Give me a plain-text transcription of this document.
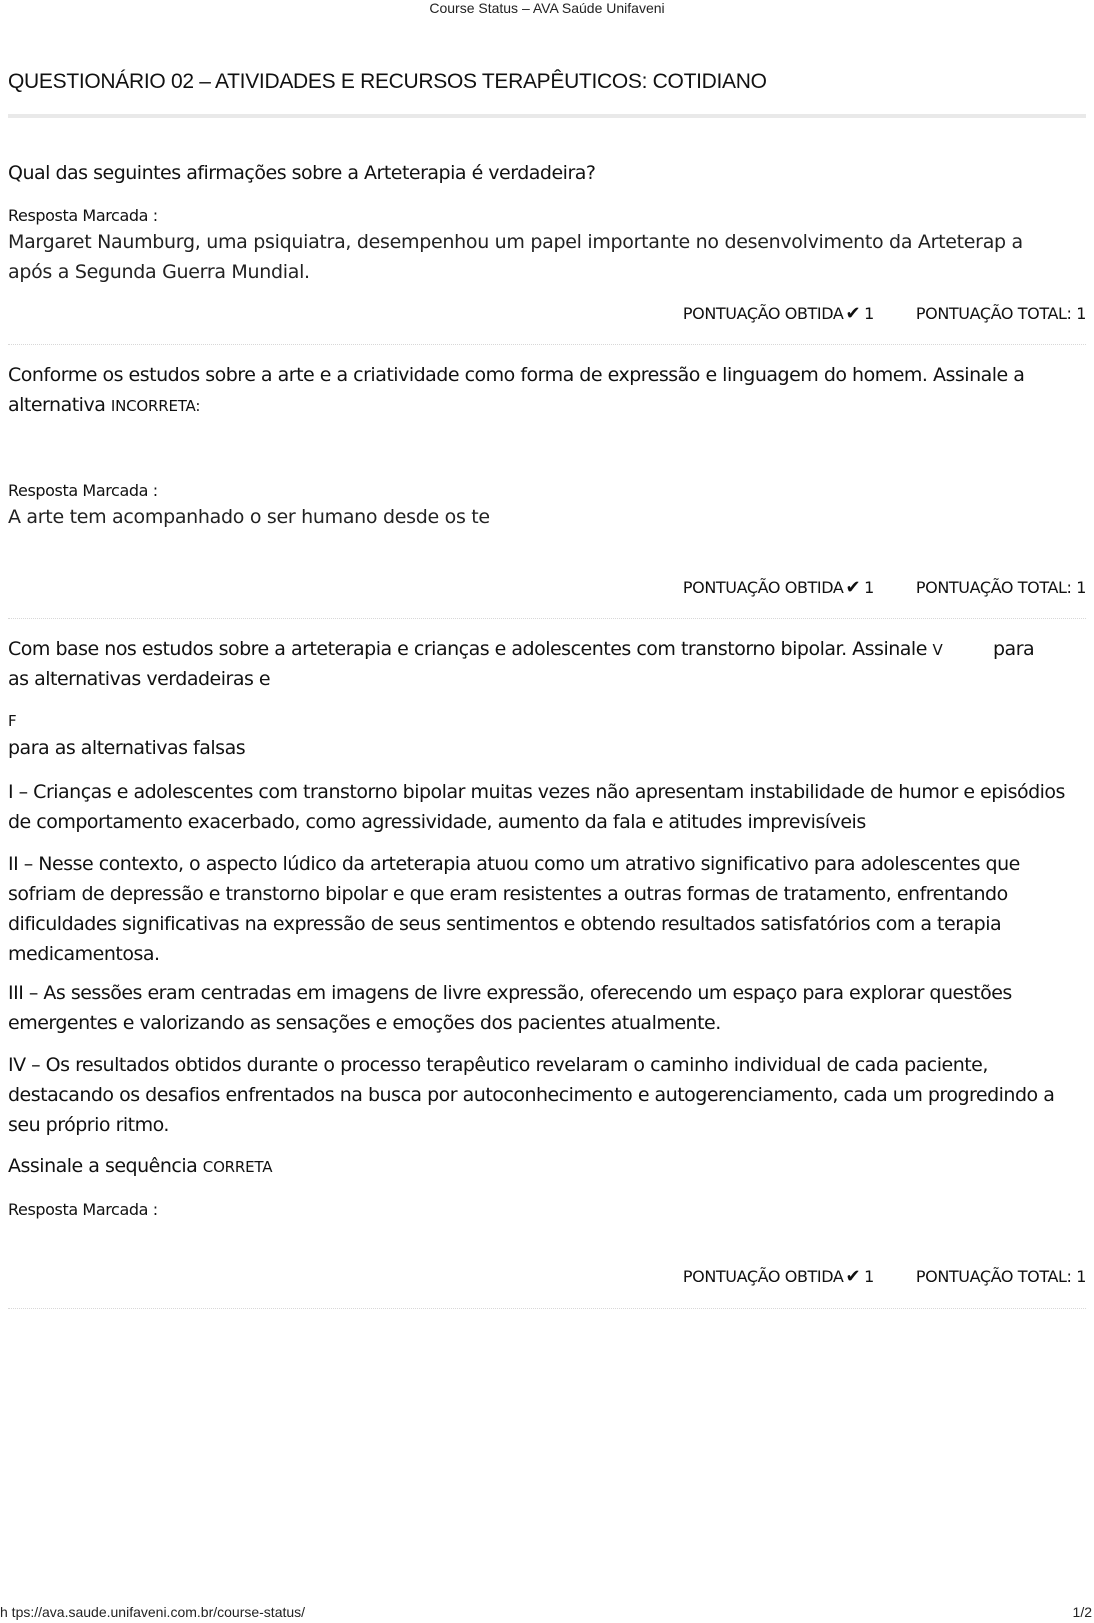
Course Status – AVA Saúde Unifaveni
QUESTIONÁRIO 02 – ATIVIDADES E RECURSOS TERAPÊUTICOS: COTIDIANO
Qual das seguintes afirmações sobre a Arteterapia é verdadeira?
Resposta Marcada :
Margaret Naumburg, uma psiquiatra, desempenhou um papel importante no desenvolvimento da Arteterap a após a Segunda Guerra Mundial.
PONTUAÇÃO OBTIDA ✔ 1	PONTUAÇÃO TOTAL: 1
Conforme os estudos sobre a arte e a criatividade como forma de expressão e linguagem do homem. Assinale a alternativa INCORRETA:
Resposta Marcada :
A arte tem acompanhado o ser humano desde os te
PONTUAÇÃO OBTIDA ✔ 1	PONTUAÇÃO TOTAL: 1
Com base nos estudos sobre a arteterapia e crianças e adolescentes com transtorno bipolar. Assinale V	para
as alternativas verdadeiras e
F
para as alternativas falsas
I – Crianças e adolescentes com transtorno bipolar muitas vezes não apresentam instabilidade de humor e episódios de comportamento exacerbado, como agressividade, aumento da fala e atitudes imprevisíveis
II – Nesse contexto, o aspecto lúdico da arteterapia atuou como um atrativo significativo para adolescentes que sofriam de depressão e transtorno bipolar e que eram resistentes a outras formas de tratamento, enfrentando dificuldades significativas na expressão de seus sentimentos e obtendo resultados satisfatórios com a terapia medicamentosa.
III – As sessões eram centradas em imagens de livre expressão, oferecendo um espaço para explorar questões emergentes e valorizando as sensações e emoções dos pacientes atualmente.
IV – Os resultados obtidos durante o processo terapêutico revelaram o caminho individual de cada paciente, destacando os desafios enfrentados na busca por autoconhecimento e autogerenciamento, cada um progredindo a seu próprio ritmo.
Assinale a sequência CORRETA
Resposta Marcada :
PONTUAÇÃO OBTIDA ✔ 1	PONTUAÇÃO TOTAL: 1
h tps://ava.saude.unifaveni.com.br/course-status/	1/2
